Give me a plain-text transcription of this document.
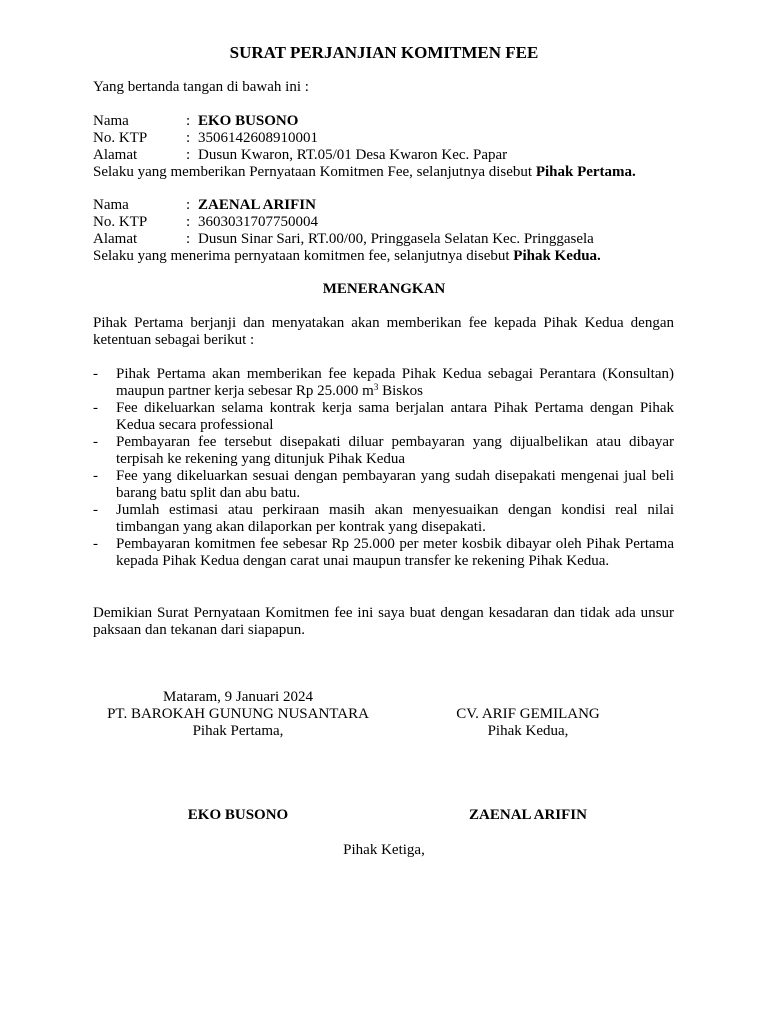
SURAT PERJANJIAN KOMITMEN FEE
Yang bertanda tangan di bawah ini :
Nama	: EKO BUSONO
No. KTP	: 3506142608910001
Alamat	: Dusun Kwaron, RT.05/01 Desa Kwaron Kec. Papar
Selaku yang memberikan Pernyataan Komitmen Fee, selanjutnya disebut Pihak Pertama.
Nama	: ZAENAL ARIFIN
No. KTP	: 3603031707750004
Alamat	: Dusun Sinar Sari, RT.00/00, Pringgasela Selatan Kec. Pringgasela
Selaku yang menerima pernyataan komitmen fee, selanjutnya disebut Pihak Kedua.
MENERANGKAN
Pihak Pertama berjanji dan menyatakan akan memberikan fee kepada Pihak Kedua dengan ketentuan sebagai berikut :
- Pihak Pertama akan memberikan fee kepada Pihak Kedua sebagai Perantara (Konsultan) maupun partner kerja sebesar Rp 25.000 $m^3$ Biskos
- Fee dikeluarkan selama kontrak kerja sama berjalan antara Pihak Pertama dengan Pihak Kedua secara professional
- Pembayaran fee tersebut disepakati diluar pembayaran yang dijualbelikan atau dibayar terpisah ke rekening yang ditunjuk Pihak Kedua
- Fee yang dikeluarkan sesuai dengan pembayaran yang sudah disepakati mengenai jual beli barang batu split dan abu batu.
- Jumlah estimasi atau perkiraan masih akan menyesuaikan dengan kondisi real nilai timbangan yang akan dilaporkan per kontrak yang disepakati.
- Pembayaran komitmen fee sebesar Rp 25.000 per meter kosbik dibayar oleh Pihak Pertama kepada Pihak Kedua dengan carat unai maupun transfer ke rekening Pihak Kedua.
Demikian Surat Pernyataan Komitmen fee ini saya buat dengan kesadaran dan tidak ada unsur paksaan dan tekanan dari siapapun.
Mataram, 9 Januari 2024
PT. BAROKAH GUNUNG NUSANTARA
Pihak Pertama,
CV. ARIF GEMILANG
Pihak Kedua,
EKO BUSONO	ZAENAL ARIFIN
Pihak Ketiga,
